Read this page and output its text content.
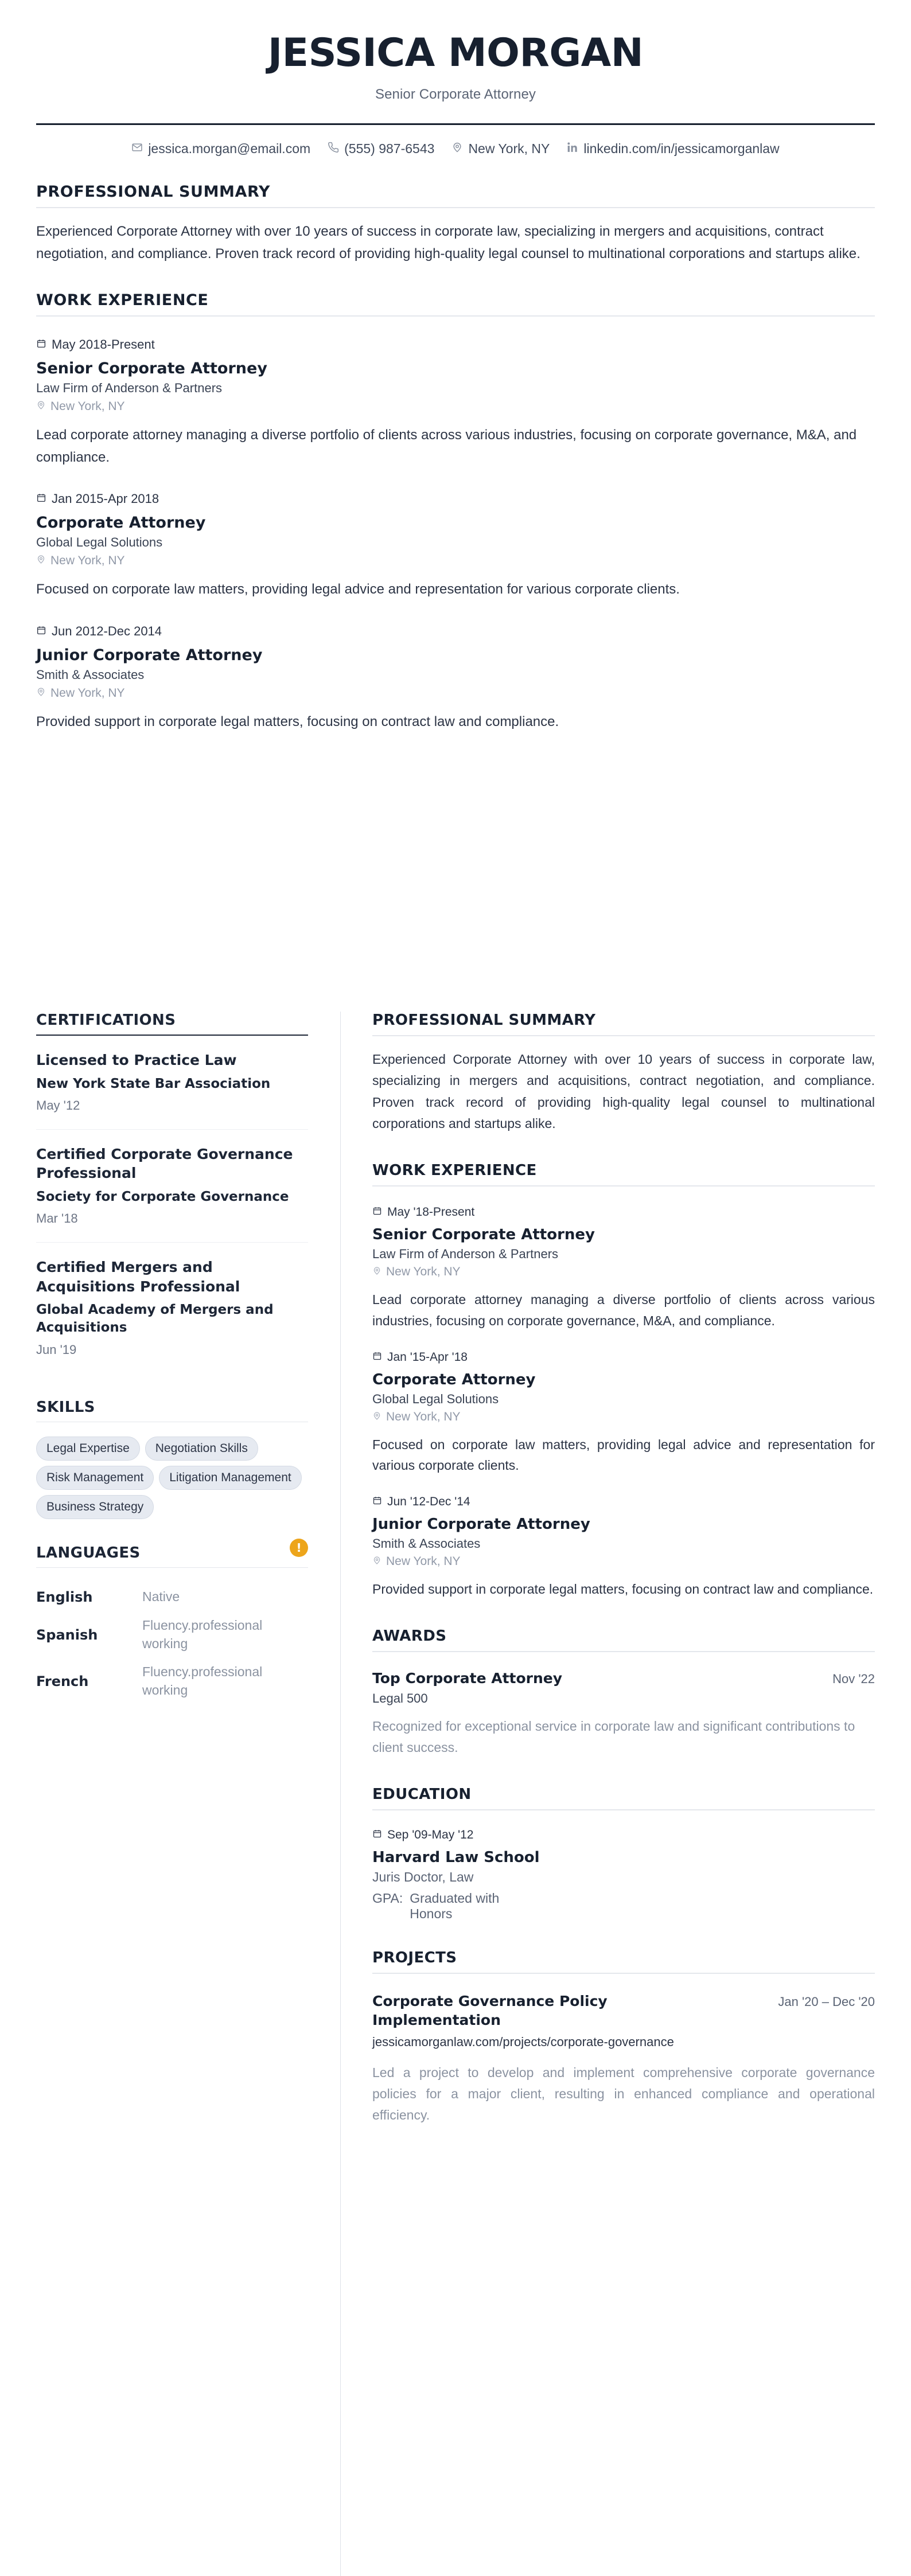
JESSICA MORGAN
Senior Corporate Attorney
jessica.morgan@email.com	(555) 987-6543	New York, NY	linkedin.com/in/jessicamorganlaw
PROFESSIONAL SUMMARY

Experienced Corporate Attorney with over 10 years of success in corporate law, specializing in mergers and acquisitions, contract negotiation, and compliance. Proven track record of providing high-quality legal counsel to multinational corporations and startups alike.

WORK EXPERIENCE
May 2018-Present
Senior Corporate Attorney
Law Firm of Anderson & Partners
New York, NY
Lead corporate attorney managing a diverse portfolio of clients across various industries, focusing on corporate governance, M&A, and compliance.
Jan 2015-Apr 2018
Corporate Attorney
Global Legal Solutions
New York, NY
Focused on corporate law matters, providing legal advice and representation for various corporate clients.
Jun 2012-Dec 2014
Junior Corporate Attorney
Smith & Associates
New York, NY
Provided support in corporate legal matters, focusing on contract law and compliance.
CERTIFICATIONS
Licensed to Practice Law
New York State Bar Association
May '12
Certified Corporate Governance Professional
Society for Corporate Governance
Mar '18
Certified Mergers and Acquisitions Professional
Global Academy of Mergers and Acquisitions
Jun '19
SKILLS
Legal Expertise	Negotiation Skills
Risk Management	Litigation Management
Business Strategy
LANGUAGES	!
English	Native
Spanish	Fluency.professional working
French	Fluency.professional working
PROFESSIONAL SUMMARY

Experienced Corporate Attorney with over 10 years of success in corporate law, specializing in mergers and acquisitions, contract negotiation, and compliance. Proven track record of providing high-quality legal counsel to multinational corporations and startups alike.

WORK EXPERIENCE
May '18-Present
Senior Corporate Attorney
Law Firm of Anderson & Partners
New York, NY
Lead corporate attorney managing a diverse portfolio of clients across various industries, focusing on corporate governance, M&A, and compliance.
Jan '15-Apr '18
Corporate Attorney
Global Legal Solutions
New York, NY
Focused on corporate law matters, providing legal advice and representation for various corporate clients.
Jun '12-Dec '14
Junior Corporate Attorney
Smith & Associates
New York, NY
Provided support in corporate legal matters, focusing on contract law and compliance.
AWARDS
Top Corporate Attorney	Nov '22
Legal 500
Recognized for exceptional service in corporate law and significant contributions to client success.
EDUCATION
Sep '09-May '12
Harvard Law School
Juris Doctor, Law
GPA: Graduated with Honors
PROJECTS
Corporate Governance Policy Implementation
Jan '20 – Dec '20
jessicamorganlaw.com/projects/corporate-governance
Led a project to develop and implement comprehensive corporate governance policies for a major client, resulting in enhanced compliance and operational efficiency.
